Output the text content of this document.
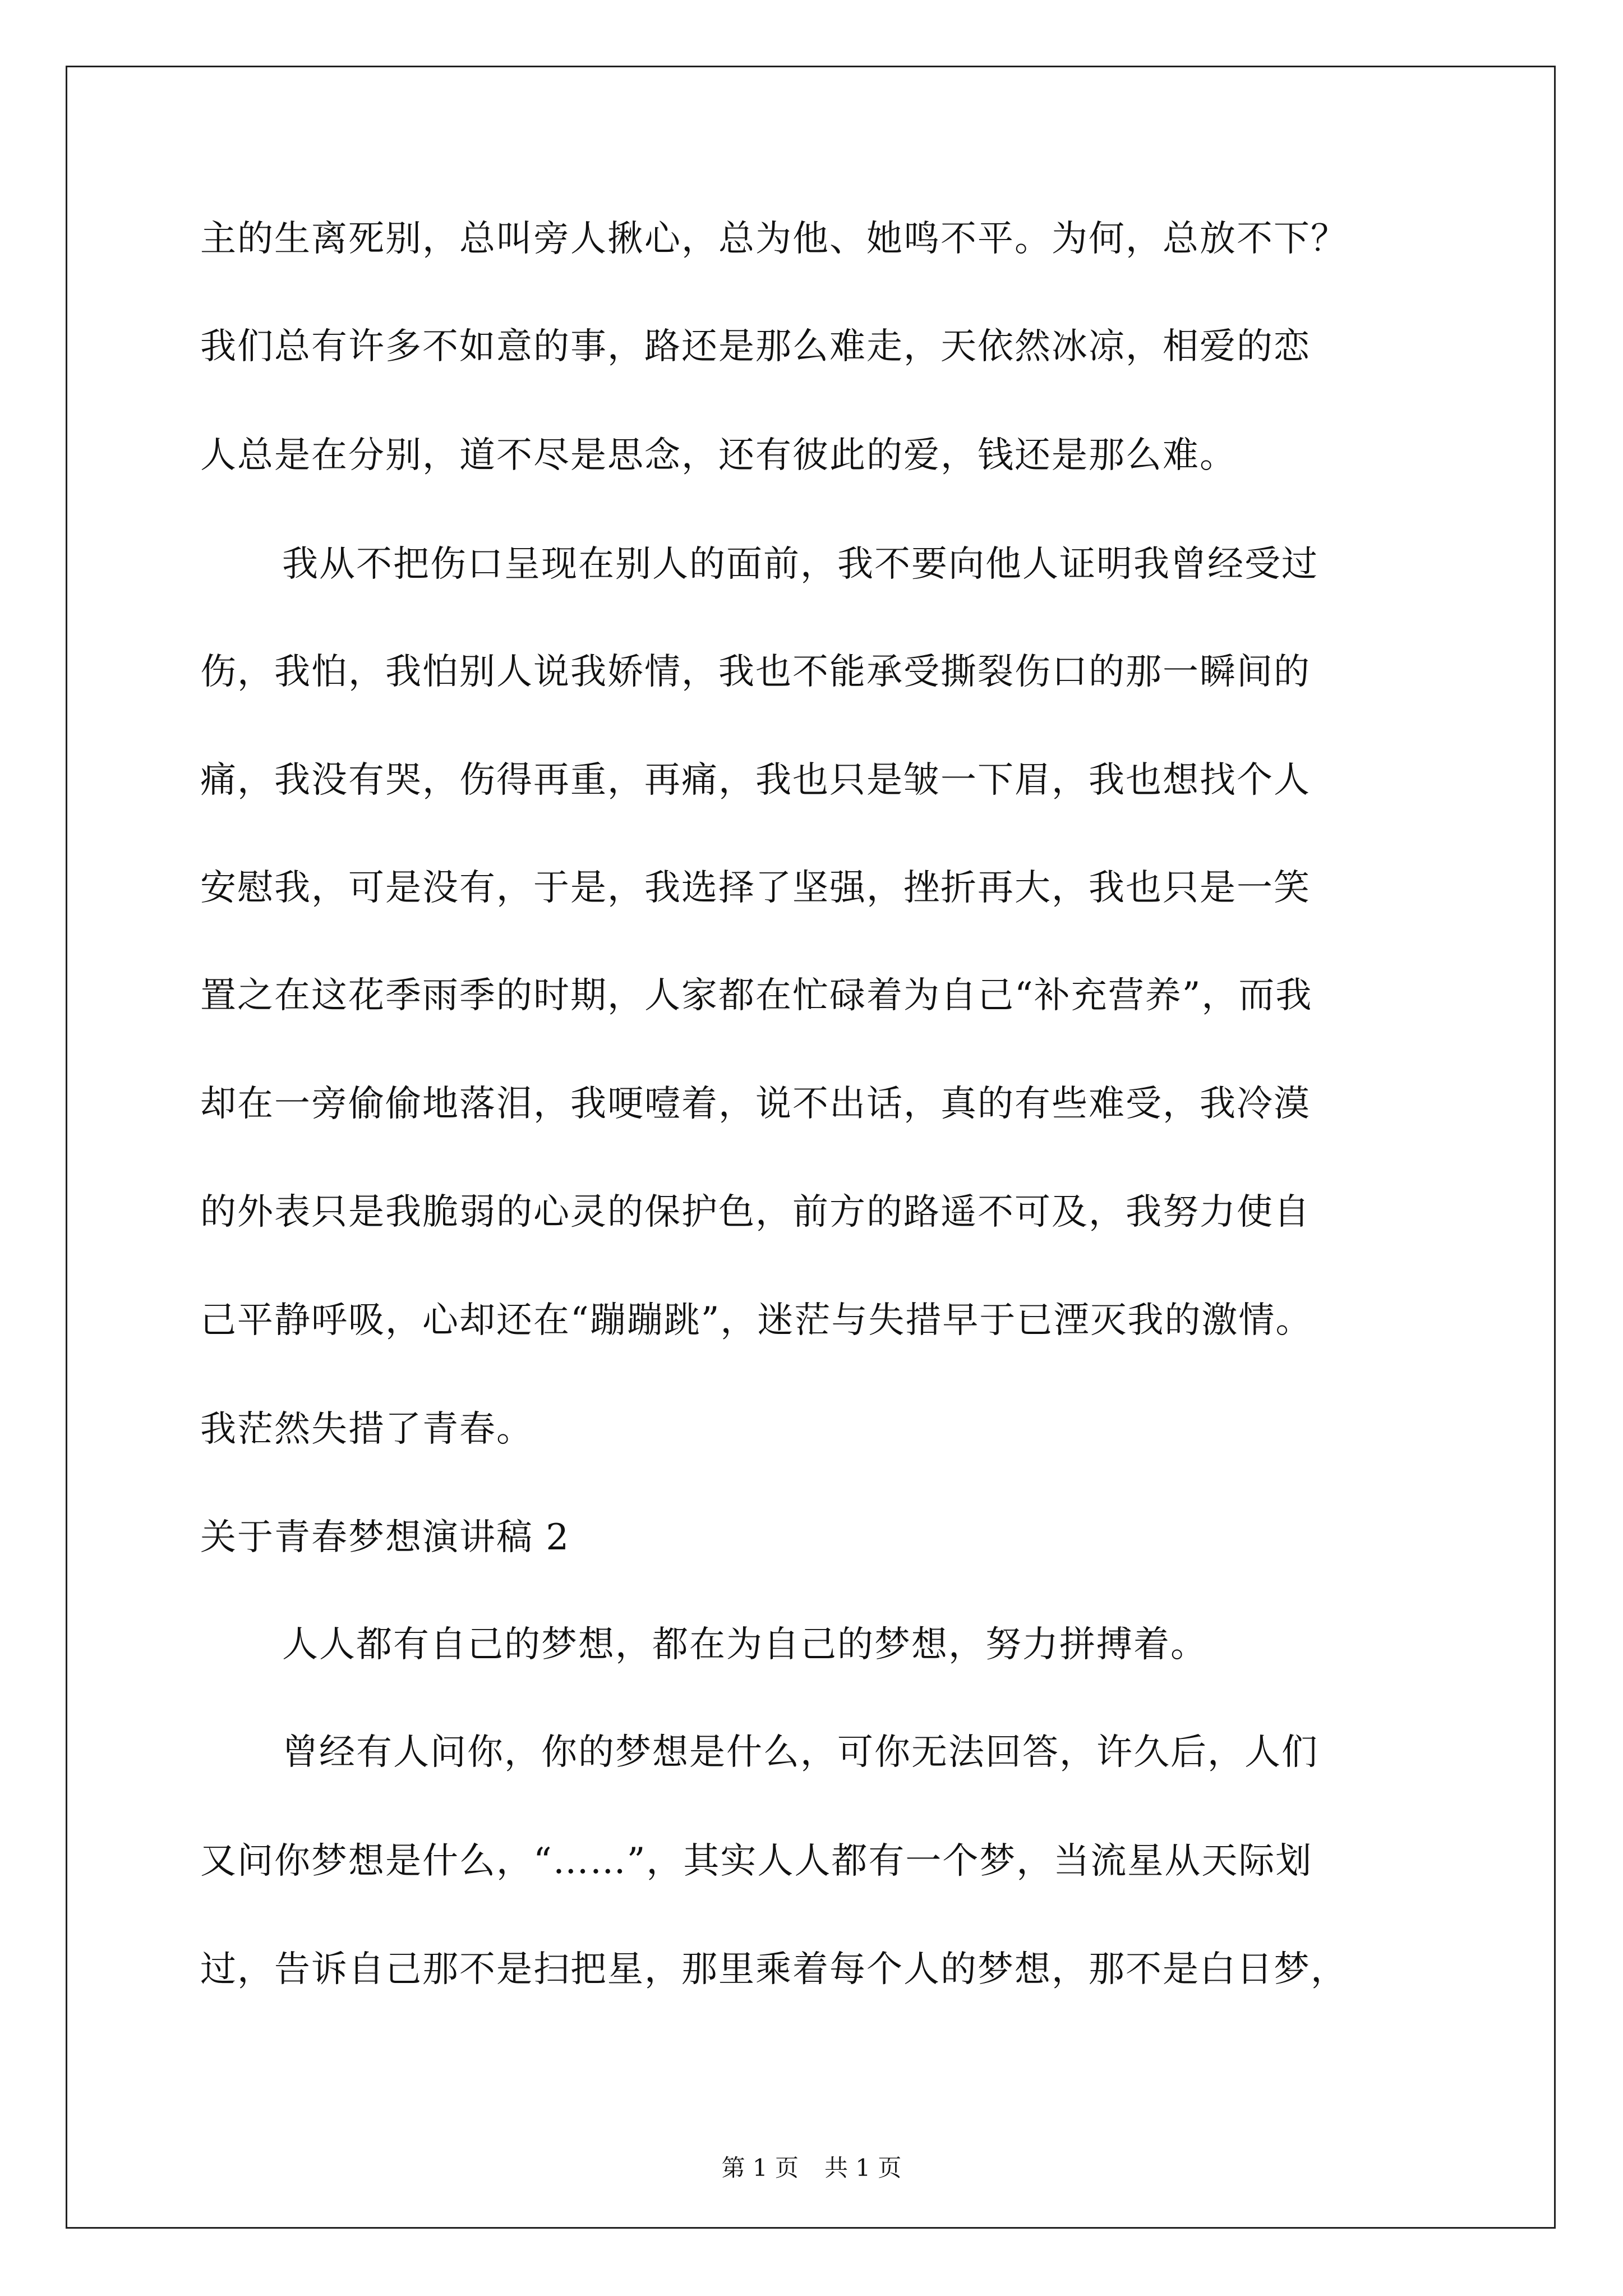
主的生离死别，总叫旁人揪心，总为他、她鸣不平。为何，总放不下？

我们总有许多不如意的事，路还是那么难走，天依然冰凉，相爱的恋

人总是在分别，道不尽是思念，还有彼此的爱，钱还是那么难。

我从不把伤口呈现在别人的面前，我不要向他人证明我曾经受过

伤，我怕，我怕别人说我娇情，我也不能承受撕裂伤口的那一瞬间的

痛，我没有哭，伤得再重，再痛，我也只是皱一下眉，我也想找个人

安慰我，可是没有，于是，我选择了坚强，挫折再大，我也只是一笑

置之在这花季雨季的时期，人家都在忙碌着为自己“补充营养”，而我

却在一旁偷偷地落泪，我哽噎着，说不出话，真的有些难受，我冷漠

的外表只是我脆弱的心灵的保护色，前方的路遥不可及，我努力使自

己平静呼吸，心却还在“蹦蹦跳”，迷茫与失措早于已湮灭我的激情。

我茫然失措了青春。

关于青春梦想演讲稿 2

人人都有自己的梦想，都在为自己的梦想，努力拼搏着。

曾经有人问你，你的梦想是什么，可你无法回答，许久后，人们

又问你梦想是什么，“……”，其实人人都有一个梦，当流星从天际划

过，告诉自己那不是扫把星，那里乘着每个人的梦想，那不是白日梦，

第 1 页 共 1 页
